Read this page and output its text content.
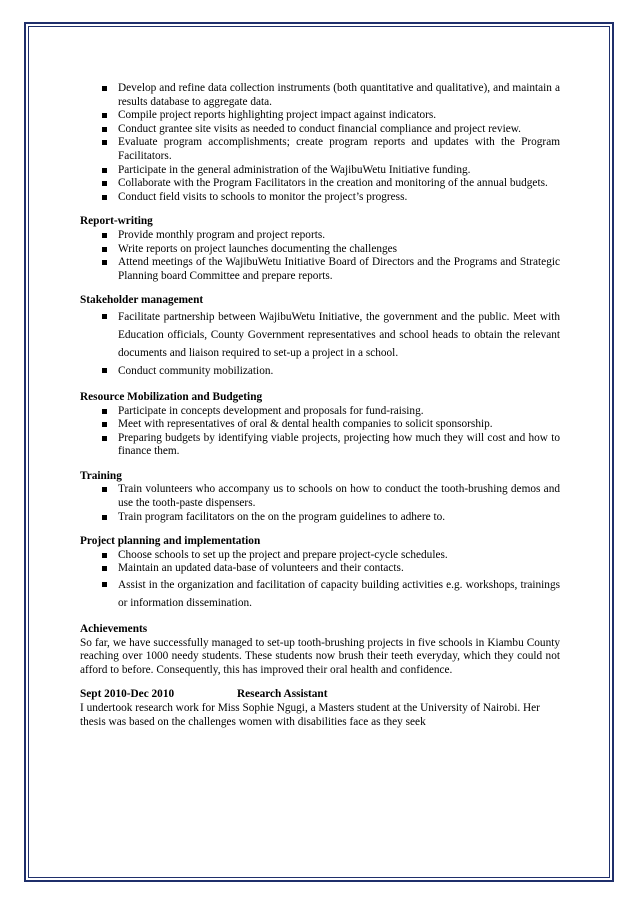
Develop and refine data collection instruments (both quantitative and qualitative), and maintain a results database to aggregate data.
Compile project reports highlighting project impact against indicators.
Conduct grantee site visits as needed to conduct financial compliance and project review.
Evaluate program accomplishments; create program reports and updates with the Program Facilitators.
Participate in the general administration of the WajibuWetu Initiative funding.
Collaborate with the Program Facilitators in the creation and monitoring of the annual budgets.
Conduct field visits to schools to monitor the project’s progress.
Report-writing
Provide monthly program and project reports.
Write reports on project launches documenting the challenges
Attend meetings of the WajibuWetu Initiative Board of Directors and the Programs and Strategic Planning board Committee and prepare reports.
Stakeholder management
Facilitate partnership between WajibuWetu Initiative, the government and the public. Meet with Education officials, County Government representatives and school heads to obtain the relevant documents and liaison required to set-up a project in a school.
Conduct community mobilization.
Resource Mobilization and Budgeting
Participate in concepts development and proposals for fund-raising.
Meet with representatives of oral & dental health companies to solicit sponsorship.
Preparing budgets by identifying viable projects, projecting how much they will cost and how to finance them.
Training
Train volunteers who accompany us to schools on how to conduct the tooth-brushing demos and use the tooth-paste dispensers.
Train program facilitators on the on the program guidelines to adhere to.
Project planning and implementation
Choose schools to set up the project and prepare project-cycle schedules.
Maintain an updated data-base of volunteers and their contacts.
Assist in the organization and facilitation of capacity building activities e.g. workshops, trainings or information dissemination.
Achievements
So far, we have successfully managed to set-up tooth-brushing projects in five schools in Kiambu County reaching over 1000 needy students. These students now brush their teeth everyday, which they could not afford to before. Consequently, this has improved their oral health and confidence.
Sept 2010-Dec 2010	Research Assistant
I undertook research work for Miss Sophie Ngugi, a Masters student at the University of Nairobi. Her thesis was based on the challenges women with disabilities face as they seek
